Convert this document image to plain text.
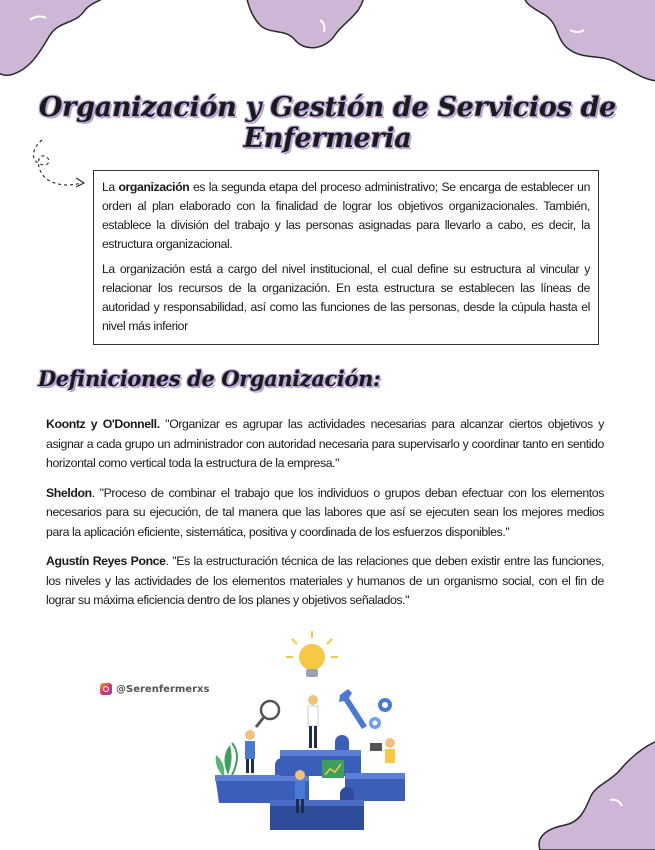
Organización y Gestión de Servicios de Enfermeria

La organización es la segunda etapa del proceso administrativo; Se encarga de establecer un orden al plan elaborado con la finalidad de lograr los objetivos organizacionales. También, establece la división del trabajo y las personas asignadas para llevarlo a cabo, es decir, la estructura organizacional.

La organización está a cargo del nivel institucional, el cual define su estructura al vincular y relacionar los recursos de la organización. En esta estructura se establecen las líneas de autoridad y responsabilidad, así como las funciones de las personas, desde la cúpula hasta el nivel más inferior

Definiciones de Organización:

Koontz y O'Donnell. "Organizar es agrupar las actividades necesarias para alcanzar ciertos objetivos y asignar a cada grupo un administrador con autoridad necesaria para supervisarlo y coordinar tanto en sentido horizontal como vertical toda la estructura de la empresa."

Sheldon. "Proceso de combinar el trabajo que los individuos o grupos deban efectuar con los elementos necesarios para su ejecución, de tal manera que las labores que así se ejecuten sean los mejores medios para la aplicación eficiente, sistemática, positiva y coordinada de los esfuerzos disponibles."

Agustín Reyes Ponce. "Es la estructuración técnica de las relaciones que deben existir entre las funciones, los niveles y las actividades de los elementos materiales y humanos de un organismo social, con el fin de lograr su máxima eficiencia dentro de los planes y objetivos señalados."

@Serenfermerxs
